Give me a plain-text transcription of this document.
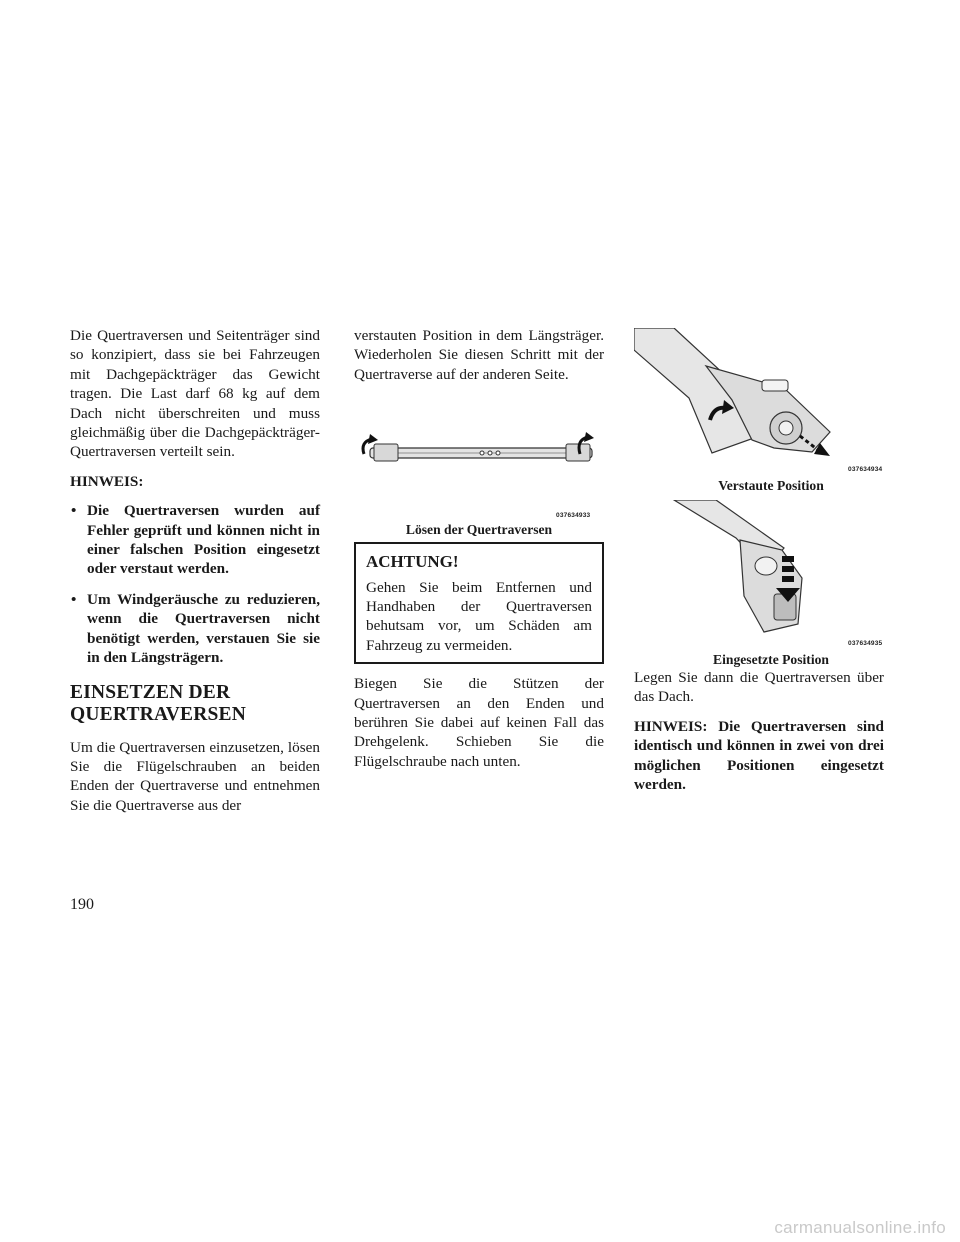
Die Quertraversen und Seitenträger sind so konzipiert, dass sie bei Fahrzeugen mit Dachgepäckträger das Gewicht tragen. Die Last darf 68 kg auf dem Dach nicht überschreiten und muss gleichmäßig über die Dachgepäckträger-Quertraversen verteilt sein.

HINWEIS:

• Die Quertraversen wurden auf Fehler geprüft und können nicht in einer falschen Position eingesetzt oder verstaut werden.
• Um Windgeräusche zu reduzieren, wenn die Quertraversen nicht benötigt werden, verstauen Sie sie in den Längsträgern.
EINSETZEN DER QUERTRAVERSEN

Um die Quertraversen einzusetzen, lösen Sie die Flügelschrauben an beiden Enden der Quertraverse und entnehmen Sie die Quertraverse aus der

verstauten Position in dem Längsträger. Wiederholen Sie diesen Schritt mit der Quertraverse auf der anderen Seite.

037634933
Lösen der Quertraversen
ACHTUNG!
Gehen Sie beim Entfernen und Handhaben der Quertraversen behutsam vor, um Schäden am Fahrzeug zu vermeiden.

Biegen Sie die Stützen der Quertraversen an den Enden und berühren Sie dabei auf keinen Fall das Drehgelenk. Schieben Sie die Flügelschraube nach unten.

037634934
Verstaute Position
037634935
Eingesetzte Position

Legen Sie dann die Quertraversen über das Dach.

HINWEIS: Die Quertraversen sind identisch und können in zwei von drei möglichen Positionen eingesetzt werden.

190
carmanualsonline.info
